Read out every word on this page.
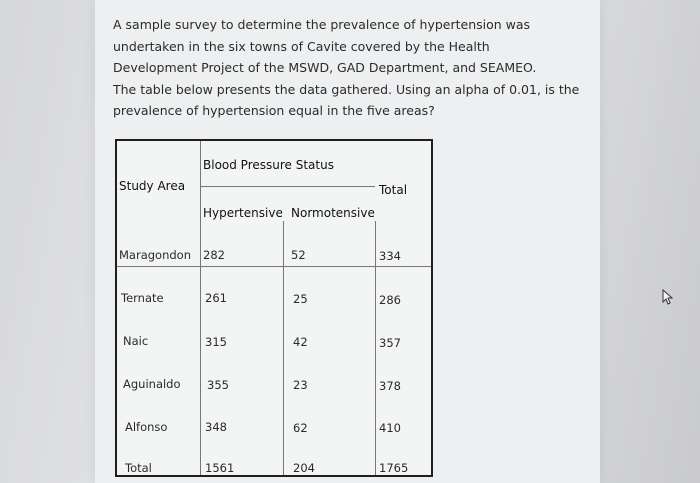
A sample survey to determine the prevalence of hypertension was

undertaken in the six towns of Cavite covered by the Health

Development Project of the MSWD, GAD Department, and SEAMEO.

The table below presents the data gathered. Using an alpha of 0.01, is the

prevalence of hypertension equal in the five areas?

Blood Pressure Status
Study Area	Total
Hypertensive Normotensive
Maragondon 282	52	334
Ternate	261	25	286
Naic	315	42	357
Aguinaldo 355	23	378
Alfonso	348	62	410
Total	1561	204	1765
